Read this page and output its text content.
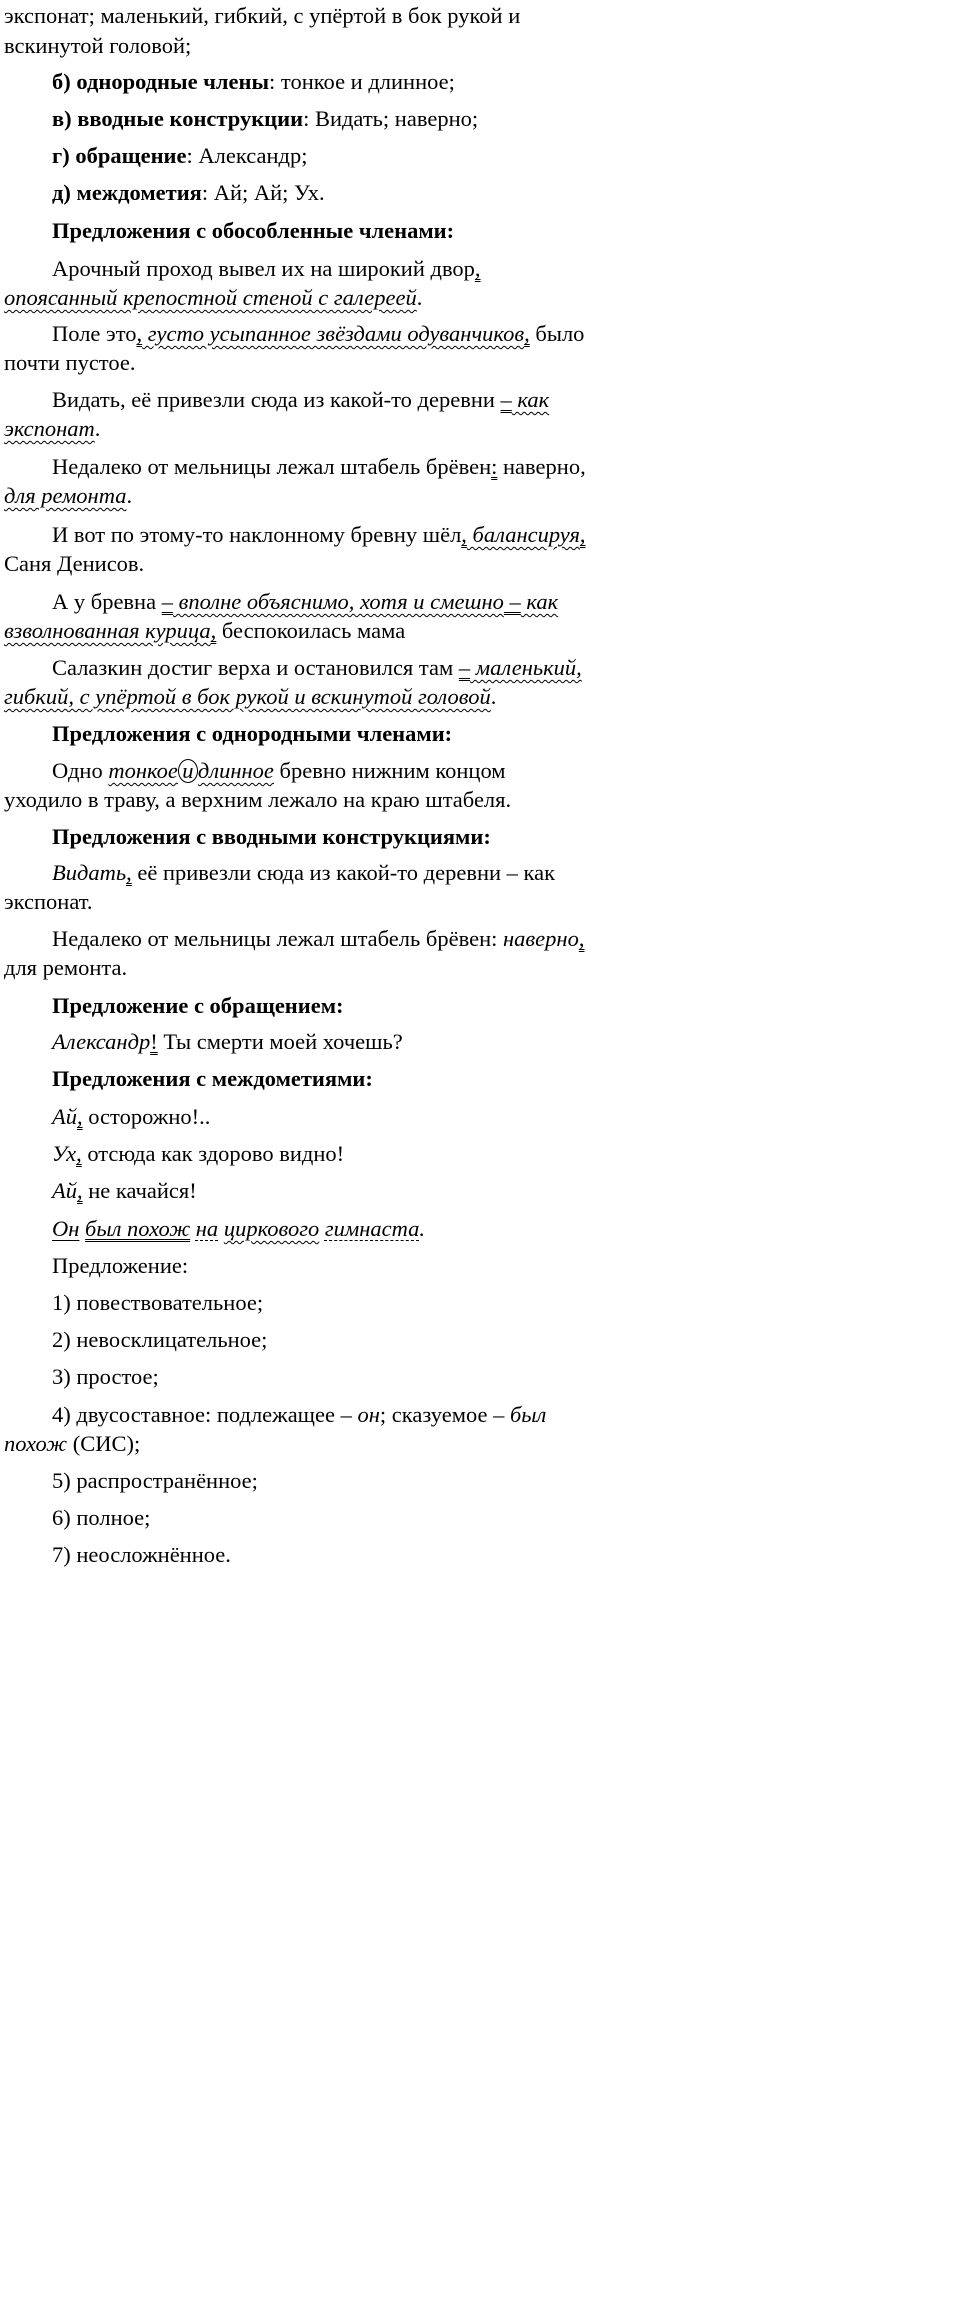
экспонат; маленький, гибкий, с упёртой в бок рукой и

вскинутой головой;

б) однородные члены: тонкое и длинное;

в) вводные конструкции: Видать; наверно;

г) обращение: Александр;

д) междометия: Ай; Ай; Ух.

Предложения с обособленные членами:

Арочный проход вывел их на широкий двор,

опоясанный крепостной стеной с галереей.

Поле это, густо усыпанное звёздами одуванчиков, было

почти пустое.

Видать, её привезли сюда из какой-то деревни – как

экспонат.

Недалеко от мельницы лежал штабель брёвен: наверно,

для ремонта.

И вот по этому-то наклонному бревну шёл, балансируя,

Саня Денисов.

А у бревна – вполне объяснимо, хотя и смешно – как

взволнованная курица, беспокоилась мама

Салазкин достиг верха и остановился там – маленький,

гибкий, с упёртой в бок рукой и вскинутой головой.

Предложения с однородными членами:

Одно тонкое и длинное бревно нижним концом

уходило в траву, а верхним лежало на краю штабеля.

Предложения с вводными конструкциями:

Видать, её привезли сюда из какой-то деревни – как

экспонат.

Недалеко от мельницы лежал штабель брёвен: наверно,

для ремонта.

Предложение с обращением:

Александр! Ты смерти моей хочешь?

Предложения с междометиями:

Ай, осторожно!..

Ух, отсюда как здорово видно!

Ай, не качайся!

Он был похож на циркового гимнаста.

Предложение:

1) повествовательное;

2) невосклицательное;

3) простое;

4) двусоставное: подлежащее – он; сказуемое – был

похож (СИС);

5) распространённое;

6) полное;

7) неосложнённое.
